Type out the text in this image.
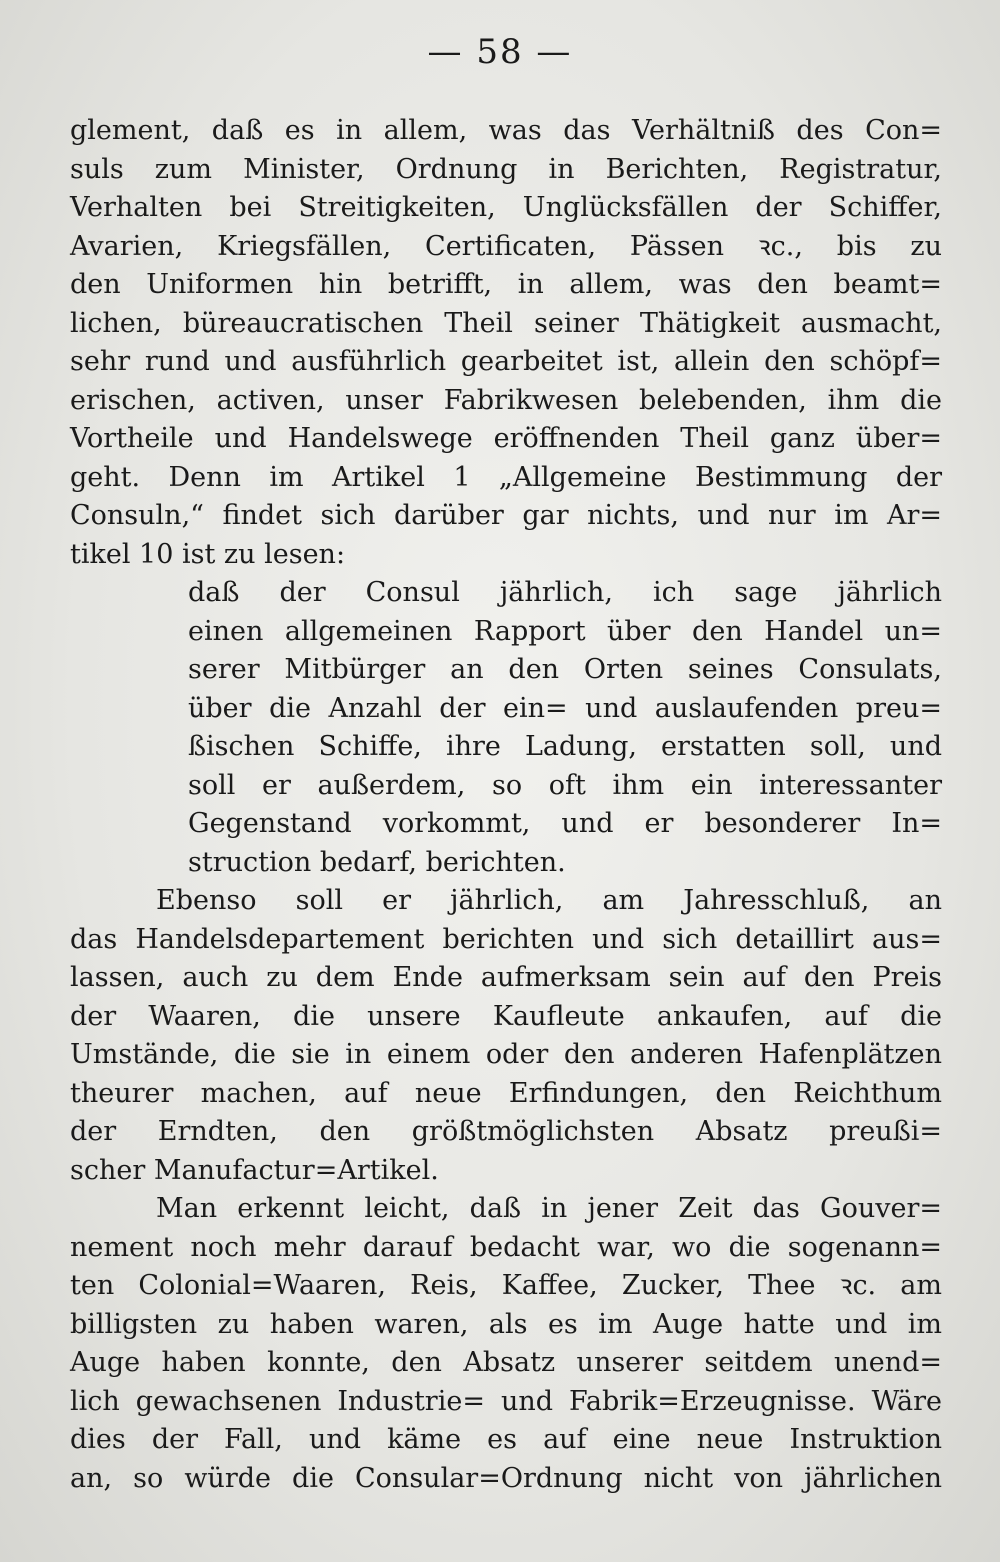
— 58 —
glement, daß es in allem, was das Verhältniß des Con=
suls zum Minister, Ordnung in Berichten, Registratur,
Verhalten bei Streitigkeiten, Unglücksfällen der Schiffer,
Avarien, Kriegsfällen, Certificaten, Pässen ꝛc., bis zu
den Uniformen hin betrifft, in allem, was den beamt=
lichen, büreaucratischen Theil seiner Thätigkeit ausmacht,
sehr rund und ausführlich gearbeitet ist, allein den schöpf=
erischen, activen, unser Fabrikwesen belebenden, ihm die
Vortheile und Handelswege eröffnenden Theil ganz über=
geht. Denn im Artikel 1 „Allgemeine Bestimmung der
Consuln,“ findet sich darüber gar nichts, und nur im Ar=
tikel 10 ist zu lesen:
daß der Consul jährlich, ich sage jährlich
einen allgemeinen Rapport über den Handel un=
serer Mitbürger an den Orten seines Consulats,
über die Anzahl der ein= und auslaufenden preu=
ßischen Schiffe, ihre Ladung, erstatten soll, und
soll er außerdem, so oft ihm ein interessanter
Gegenstand vorkommt, und er besonderer In=
struction bedarf, berichten.
Ebenso soll er jährlich, am Jahresschluß, an
das Handelsdepartement berichten und sich detaillirt aus=
lassen, auch zu dem Ende aufmerksam sein auf den Preis
der Waaren, die unsere Kaufleute ankaufen, auf die
Umstände, die sie in einem oder den anderen Hafenplätzen
theurer machen, auf neue Erfindungen, den Reichthum
der Erndten, den größtmöglichsten Absatz preußi=
scher Manufactur=Artikel.
Man erkennt leicht, daß in jener Zeit das Gouver=
nement noch mehr darauf bedacht war, wo die sogenann=
ten Colonial=Waaren, Reis, Kaffee, Zucker, Thee ꝛc. am
billigsten zu haben waren, als es im Auge hatte und im
Auge haben konnte, den Absatz unserer seitdem unend=
lich gewachsenen Industrie= und Fabrik=Erzeugnisse. Wäre
dies der Fall, und käme es auf eine neue Instruktion
an, so würde die Consular=Ordnung nicht von jährlichen
